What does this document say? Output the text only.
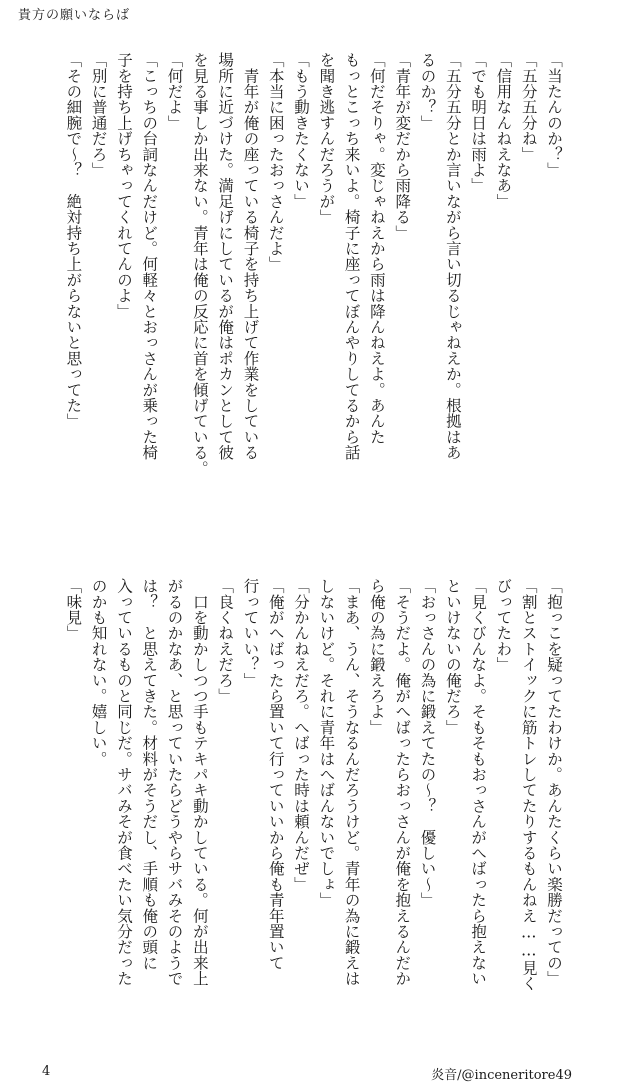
貴方の願いならば
「当たんのか？」
「五分五分ね」
「信用なんねえなあ」
「でも明日は雨よ」
「五分五分とか言いながら言い切るじゃねえか。根拠はあ
るのか？」
「青年が変だから雨降る」
「何だそりゃ。変じゃねえから雨は降んねえよ。あんた
もっとこっち来いよ。椅子に座ってぼんやりしてるから話
を聞き逃すんだろうが」
「もう動きたくない」
「本当に困ったおっさんだよ」
　青年が俺の座っている椅子を持ち上げて作業をしている
場所に近づけた。満足げにしているが俺はポカンとして彼
を見る事しか出来ない。青年は俺の反応に首を傾げている。
「何だよ」
「こっちの台詞なんだけど。何軽々とおっさんが乗った椅
子を持ち上げちゃってくれてんのよ」
「別に普通だろ」
「その細腕で〜？　絶対持ち上がらないと思ってた」
「抱っこを疑ってたわけか。あんたくらい楽勝だっての」
「割とストイックに筋トレしてたりするもんねえ……見く
びってたわ」
「見くびんなよ。そもそもおっさんがへばったら抱えない
といけないの俺だろ」
「おっさんの為に鍛えてたの〜？　優しい〜」
「そうだよ。俺がへばったらおっさんが俺を抱えるんだか
ら俺の為に鍛えろよ」
「まあ、うん、そうなるんだろうけど。青年の為に鍛えは
しないけど。それに青年はへばんないでしょ」
「分かんねえだろ。へばった時は頼んだぜ」
「俺がへばったら置いて行っていいから俺も青年置いて
行っていい？」
「良くねえだろ」
　口を動かしつつ手もテキパキ動かしている。何が出来上
がるのかなあ、と思っていたらどうやらサバみそのようで
は？　と思えてきた。材料がそうだし、手順も俺の頭に
入っているものと同じだ。サバみそが食べたい気分だった
のかも知れない。嬉しい。
「味見」
4	炎音/@inceneritore49
